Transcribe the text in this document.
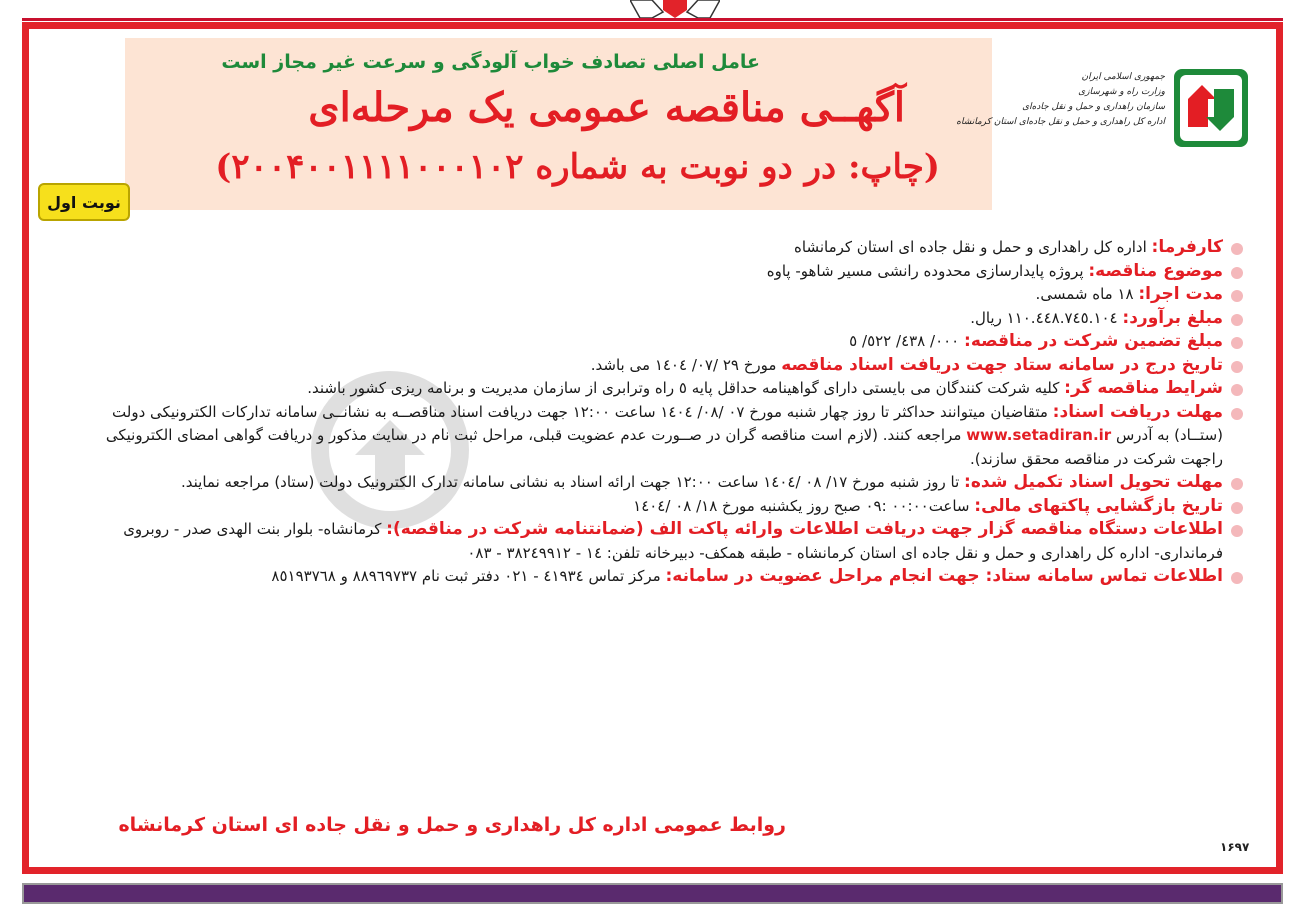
عامل اصلی تصادف خواب آلودگی و سرعت غیر مجاز است
آگهــی مناقصه عمومی یک مرحله‌ای
(چاپ: در دو نوبت به شماره ۲۰۰۴۰۰۱۱۱۱۰۰۰۱۰۲)
نوبت اول
جمهوری اسلامی ایران
وزارت راه و شهرسازی
سازمان راهداری و حمل و نقل جاده‌ای
اداره کل راهداری و حمل و نقل جاده‌ای استان کرمانشاه
کارفرما: اداره کل راهداری و حمل و نقل جاده ای استان کرمانشاه
موضوع مناقصه: پروژه پایدارسازی محدوده رانشی مسیر شاهو- پاوه
مدت اجرا: ۱۸ ماه شمسی.
مبلغ برآورد: ۱۱۰.٤٤٨.۷٤٥.۱۰٤ ریال.
مبلغ تضمین شرکت در مناقصه: ۰۰۰/ ٤۳۸/ ٥۲۲/ ٥
تاریخ درج در سامانه ستاد جهت دریافت اسناد مناقصه مورخ ۲۹ /۰۷/ ١٤٠٤ می باشد.
شرایط مناقصه گر: کلیه شرکت کنندگان می بایستی دارای گواهینامه حداقل پایه ٥ راه وترابری از سازمان مدیریت و برنامه ریزی کشور باشند.
مهلت دریافت اسناد: متقاضیان میتوانند حداکثر تا روز چهار شنبه مورخ ۰۷ /۰۸/ ١٤٠٤ ساعت ۱۲:۰۰ جهت دریافت اسناد مناقصــه به نشانــی سامانه تدارکات الکترونیکی دولت (ستــاد) به آدرس www.setadiran.ir مراجعه کنند. (لازم است مناقصه گران در صــورت عدم عضویت قبلی، مراحل ثبت نام در سایت مذکور و دریافت گواهی امضای الکترونیکی راجهت شرکت در مناقصه محقق سازند).
مهلت تحویل اسناد تکمیل شده: تا روز شنبه مورخ ۱۷/ ۰۸ /١٤٠٤ ساعت ۱۲:۰۰ جهت ارائه اسناد به نشانی سامانه تدارک الکترونیک دولت (ستاد) مراجعه نمایند.
تاریخ بازگشایی پاکتهای مالی: ساعت۰۰:۰۰ :۰۹ صبح روز یکشنبه مورخ ۱۸/ ۰۸ /١٤٠٤
اطلاعات دستگاه مناقصه گزار جهت دریافت اطلاعات وارائه پاکت الف (ضمانتنامه شرکت در مناقصه): کرمانشاه- بلوار بنت الهدی صدر - روبروی فرمانداری- اداره کل راهداری و حمل و نقل جاده ای استان کرمانشاه - طبقه همکف- دبیرخانه تلفن: ١٤ - ۳۸۲٤۹۹۱۲ - ۰۸۳
اطلاعات تماس سامانه ستاد: جهت انجام مراحل عضویت در سامانه: مرکز تماس ٤۱۹۳٤ - ۰۲۱ دفتر ثبت نام ۸۸۹٦۹۷۳۷ و ۸٥۱۹۳۷٦۸
روابط عمومی اداره کل راهداری و حمل و نقل جاده ای استان کرمانشاه
۱۶۹۷
